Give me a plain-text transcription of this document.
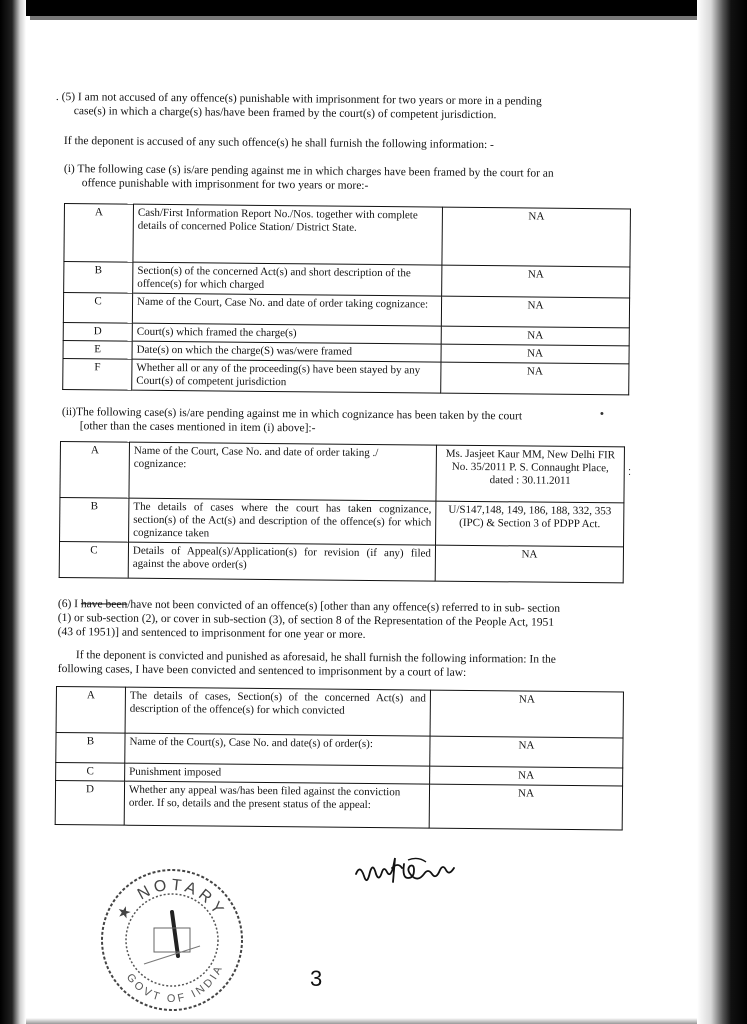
. (5) I am not accused of any offence(s) punishable with imprisonment for two years or more in a pending

case(s) in which a charge(s) has/have been framed by the court(s) of competent jurisdiction.
If the deponent is accused of any such offence(s) he shall furnish the following information: -
(i) The following case (s) is/are pending against me in which charges have been framed by the court for an

offence punishable with imprisonment for two years or more:-
A	Cash/First Information Report No./Nos. together with complete details of concerned Police Station/ District State.	NA
B	Section(s) of the concerned Act(s) and short description of the offence(s) for which charged	NA
C	Name of the Court, Case No. and date of order taking cognizance:	NA
D	Court(s) which framed the charge(s)	NA
E	Date(s) on which the charge(S) was/were framed	NA
F	Whether all or any of the proceeding(s) have been stayed by any Court(s) of competent jurisdiction	NA
(ii)The following case(s) is/are pending against me in which cognizance has been taken by the court

[other than the cases mentioned in item (i) above]:-
A	Name of the Court, Case No. and date of order taking ./ cognizance:	Ms. Jasjeet Kaur MM, New Delhi FIR No. 35/2011 P. S. Connaught Place, dated : 30.11.2011
B	The details of cases where the court has taken cognizance, section(s) of the Act(s) and description of the offence(s) for which cognizance taken	U/S147,148, 149, 186, 188, 332, 353 (IPC) & Section 3 of PDPP Act.
C	Details of Appeal(s)/Application(s) for revision (if any) filed against the above order(s)	NA
(6) I have been/have not been convicted of an offence(s) [other than any offence(s) referred to in sub- section
(1) or sub-section (2), or cover in sub-section (3), of section 8 of the Representation of the People Act, 1951
(43 of 1951)] and sentenced to imprisonment for one year or more.
If the deponent is convicted and punished as aforesaid, he shall furnish the following information: In the
following cases, I have been convicted and sentenced to imprisonment by a court of law:
A	The details of cases, Section(s) of the concerned Act(s) and description of the offence(s) for which convicted	NA
B	Name of the Court(s), Case No. and date(s) of order(s):	NA
C	Punishment imposed	NA
D	Whether any appeal was/has been filed against the conviction order. If so, details and the present status of the appeal:	NA
•
:
★ NOTARY
GOVT OF INDIA	3
